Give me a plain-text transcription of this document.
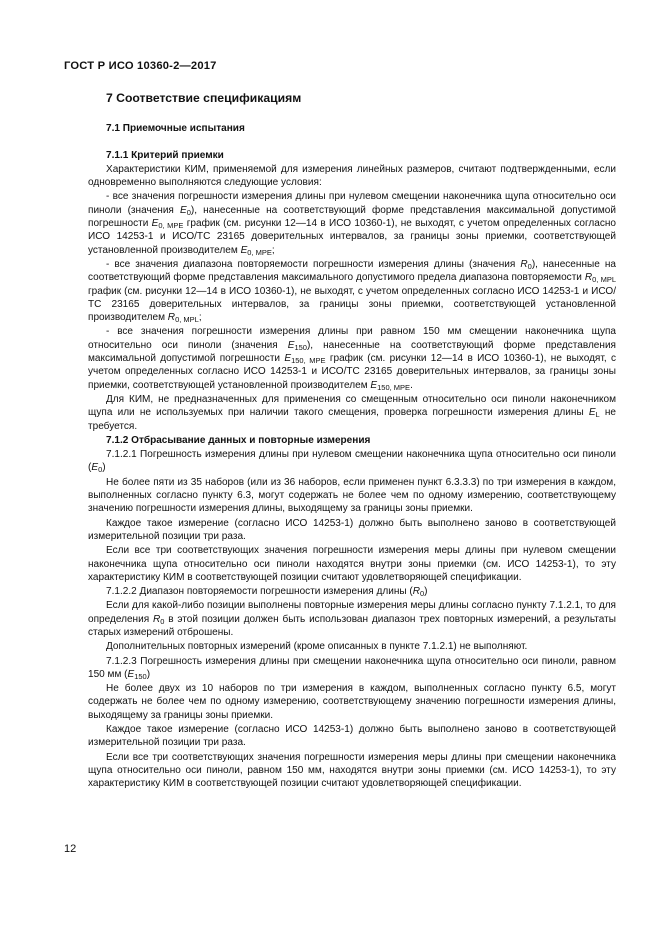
ГОСТ Р ИСО 10360-2—2017
7 Соответствие спецификациям
7.1 Приемочные испытания
7.1.1 Критерий приемки

Характеристики КИМ, применяемой для измерения линейных размеров, считают подтвержденными, если одновременно выполняются следующие условия:

- все значения погрешности измерения длины при нулевом смещении наконечника щупа относительно оси пиноли (значения $E_0$), нанесенные на соответствующий форме представления максимальной допустимой погрешности $E_{0, MPE}$ график (см. рисунки 12—14 в ИСО 10360-1), не выходят, с учетом определенных согласно ИСО 14253-1 и ИСО/ТС 23165 доверительных интервалов, за границы зоны приемки, соответствующей установленной производителем $E_{0, MPE}$;

- все значения диапазона повторяемости погрешности измерения длины (значения $R_0$), нанесенные на соответствующий форме представления максимального допустимого предела диапазона повторяемости $R_{0, MPL}$ график (см. рисунки 12—14 в ИСО 10360-1), не выходят, с учетом определенных согласно ИСО 14253-1 и ИСО/ТС 23165 доверительных интервалов, за границы зоны приемки, соответствующей установленной производителем $R_{0, MPL}$;

- все значения погрешности измерения длины при равном 150 мм смещении наконечника щупа относительно оси пиноли (значения $E_{150}$), нанесенные на соответствующий форме представления максимальной допустимой погрешности $E_{150, MPE}$ график (см. рисунки 12—14 в ИСО 10360-1), не выходят, с учетом определенных согласно ИСО 14253-1 и ИСО/ТС 23165 доверительных интервалов, за границы зоны приемки, соответствующей установленной производителем $E_{150, MPE}$.

Для КИМ, не предназначенных для применения со смещенным относительно оси пиноли наконечником щупа или не используемых при наличии такого смещения, проверка погрешности измерения длины $E_L$ не требуется.

7.1.2 Отбрасывание данных и повторные измерения

7.1.2.1 Погрешность измерения длины при нулевом смещении наконечника щупа относительно оси пиноли $(E_0)$

Не более пяти из 35 наборов (или из 36 наборов, если применен пункт 6.3.3.3) по три измерения в каждом, выполненных согласно пункту 6.3, могут содержать не более чем по одному измерению, соответствующему значению погрешности измерения длины, выходящему за границы зоны приемки.

Каждое такое измерение (согласно ИСО 14253-1) должно быть выполнено заново в соответствующей измерительной позиции три раза.

Если все три соответствующих значения погрешности измерения меры длины при нулевом смещении наконечника щупа относительно оси пиноли находятся внутри зоны приемки (см. ИСО 14253-1), то эту характеристику КИМ в соответствующей позиции считают удовлетворяющей спецификации.

7.1.2.2 Диапазон повторяемости погрешности измерения длины $(R_0)$

Если для какой-либо позиции выполнены повторные измерения меры длины согласно пункту 7.1.2.1, то для определения $R_0$ в этой позиции должен быть использован диапазон трех повторных измерений, а результаты старых измерений отброшены.

Дополнительных повторных измерений (кроме описанных в пункте 7.1.2.1) не выполняют.

7.1.2.3 Погрешность измерения длины при смещении наконечника щупа относительно оси пиноли, равном 150 мм $(E_{150})$

Не более двух из 10 наборов по три измерения в каждом, выполненных согласно пункту 6.5, могут содержать не более чем по одному измерению, соответствующему значению погрешности измерения длины, выходящему за границы зоны приемки.

Каждое такое измерение (согласно ИСО 14253-1) должно быть выполнено заново в соответствующей измерительной позиции три раза.

Если все три соответствующих значения погрешности измерения меры длины при смещении наконечника щупа относительно оси пиноли, равном 150 мм, находятся внутри зоны приемки (см. ИСО 14253-1), то эту характеристику КИМ в соответствующей позиции считают удовлетворяющей спецификации.

12
